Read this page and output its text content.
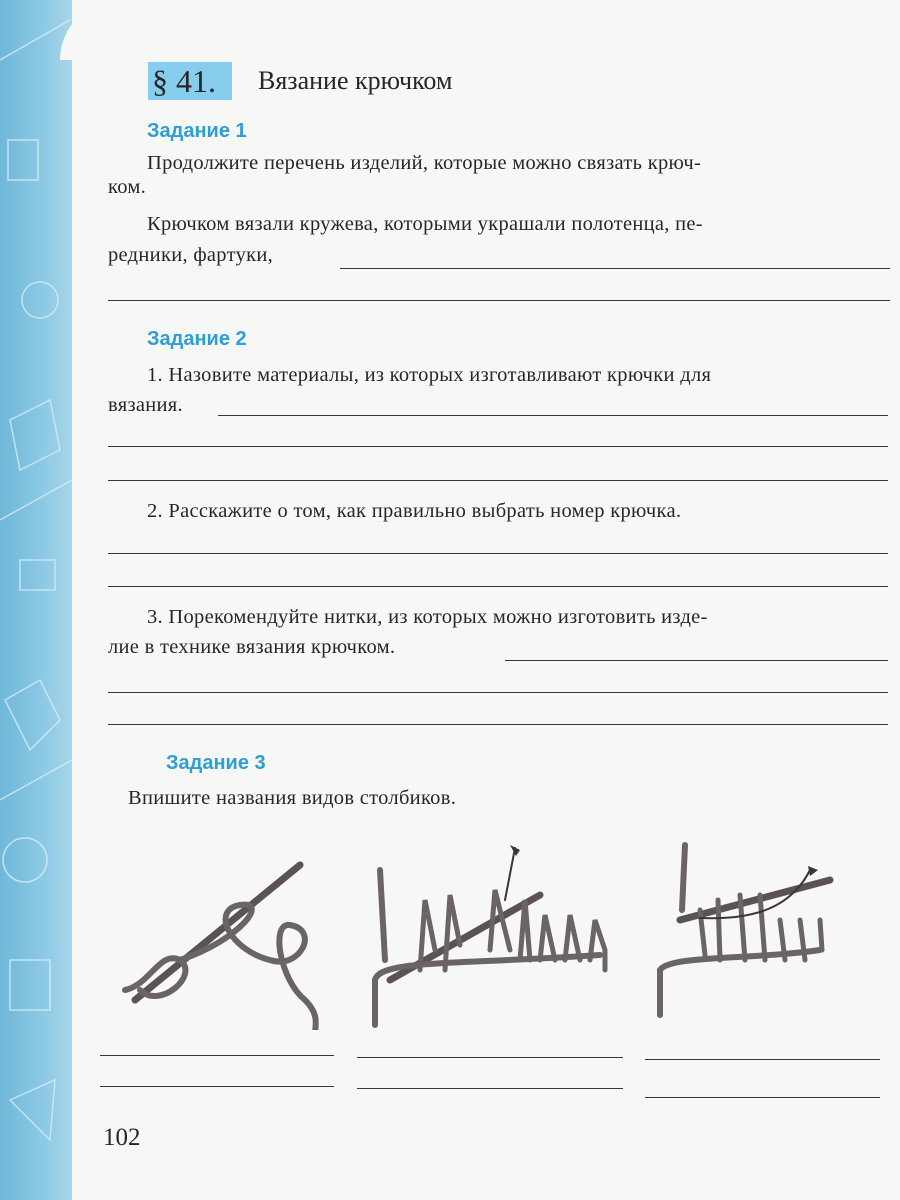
§ 41.	Вязание крючком
Задание 1
Продолжите перечень изделий, которые можно связать крюч-
ком.
Крючком вязали кружева, которыми украшали полотенца, пе-
редники, фартуки,
Задание 2
1. Назовите материалы, из которых изготавливают крючки для
вязания.
2. Расскажите о том, как правильно выбрать номер крючка.
3. Порекомендуйте нитки, из которых можно изготовить изде-
лие в технике вязания крючком.
Задание 3
Впишите названия видов столбиков.
102
